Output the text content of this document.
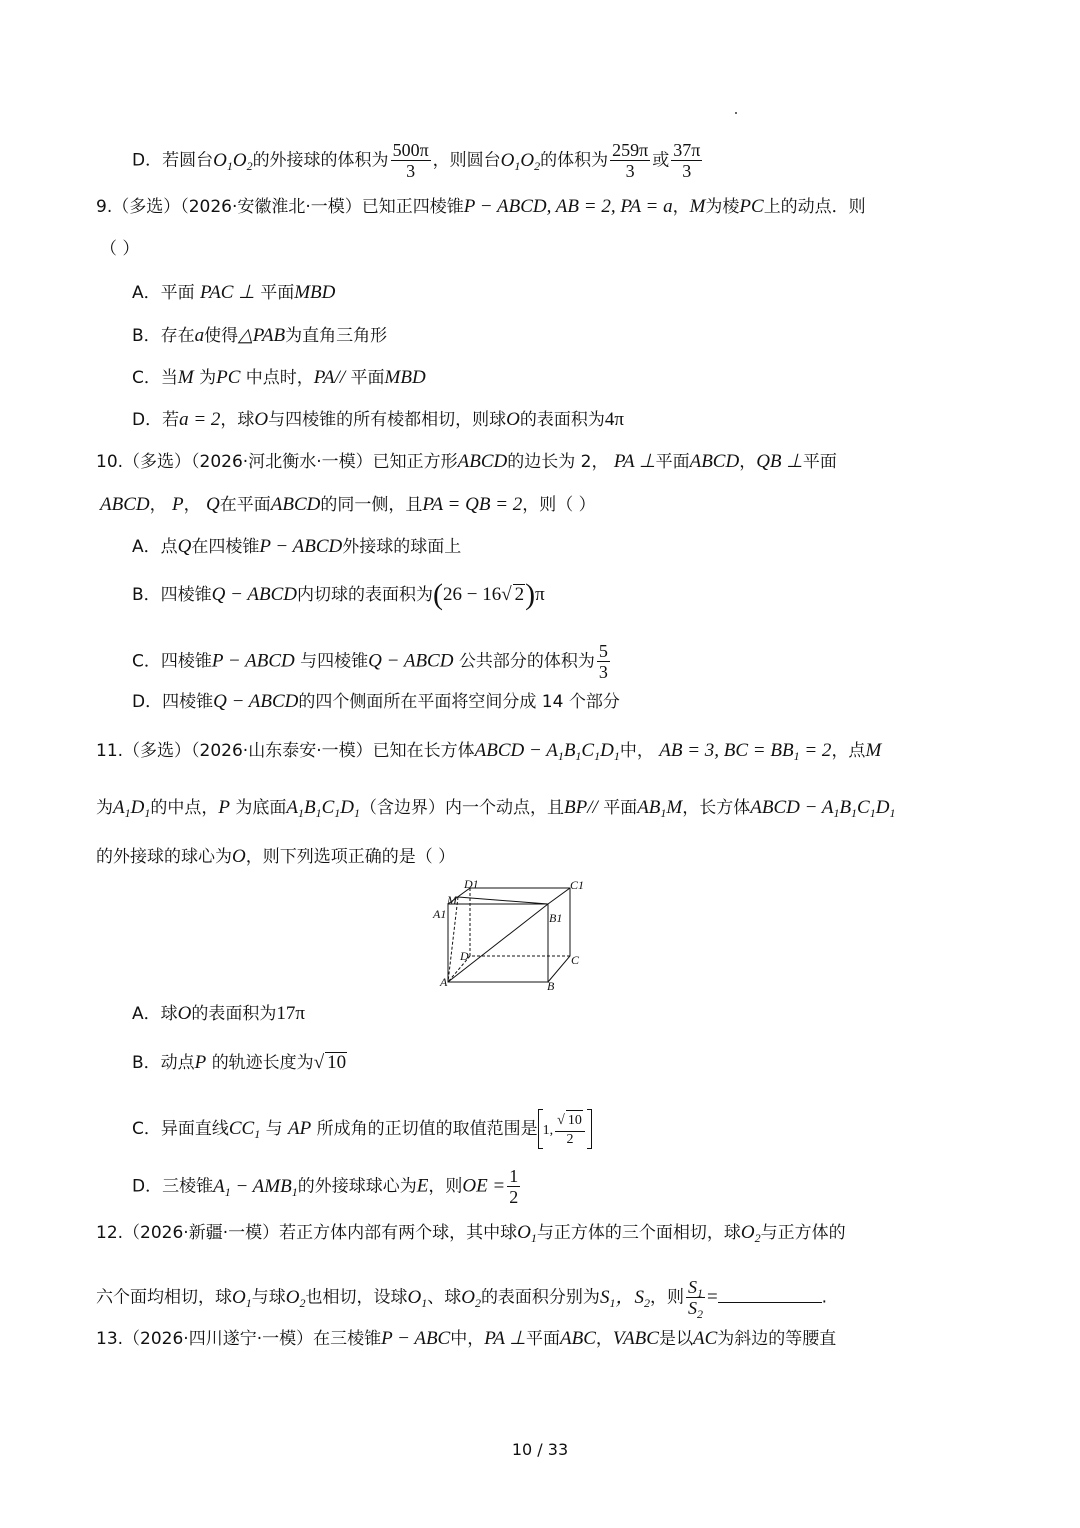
D．若圆台$O_1O_2$的外接球的体积为 $\frac{500\pi}{3}$ ，则圆台$O_1O_2$的体积为 $\frac{259\pi}{3}$ 或 $\frac{37\pi}{3}$
9.（多选）（2026·安徽淮北·一模）已知正四棱锥P − ABCD, AB = 2, PA = a，M为棱PC上的动点．则
（ ）
A．平面 PAC ⊥ 平面MBD
B．存在a使得△PAB为直角三角形
C．当M 为PC 中点时，PA// 平面MBD
D．若a = 2，球O与四棱锥的所有棱都相切，则球O的表面积为4π
10.（多选）（2026·河北衡水·一模）已知正方形ABCD的边长为 2， PA ⊥平面ABCD，QB ⊥平面
ABCD， P， Q在平面ABCD的同一侧，且PA = QB = 2，则（ ）
A．点Q在四棱锥P − ABCD外接球的球面上
B．四棱锥Q − ABCD内切球的表面积为(26 − 16√ 2)π
C．四棱锥P − ABCD 与四棱锥Q − ABCD 公共部分的体积为 $\frac{5}{3}$
D．四棱锥Q − ABCD的四个侧面所在平面将空间分成 14 个部分
11.（多选）（2026·山东泰安·一模）已知在长方体ABCD − $A_1B_1C_1D_1$中， AB = 3, BC = $BB_1 = 2$，点M
为$A_1D_1$的中点，P 为底面$A_1B_1C_1D_1$（含边界）内一个动点，且BP// 平面$AB_1M$，长方体ABCD − $A_1B_1C_1D_1$
的外接球的球心为O，则下列选项正确的是（ ）
D1	C1
M
A1	B1
D	C
A	B
A．球O的表面积为17π
B．动点P 的轨迹长度为√ 10
C．异面直线$CC_1$ 与 AP 所成角的正切值的取值范围是 1, $\frac{√ 10}{2}$
D．三棱锥$A_1 - AMB_1$的外接球球心为E，则OE = $\frac{1}{2}$
12.（2026·新疆·一模）若正方体内部有两个球，其中球$O_1$与正方体的三个面相切，球$O_2$与正方体的
六个面均相切，球$O_1$与球$O_2$也相切，设球$O_1$、球$O_2$的表面积分别为$S_1$，$S_2$，则 $\frac{S_1}{S_2}$ =	.
13.（2026·四川遂宁·一模）在三棱锥P − ABC中，PA ⊥平面ABC，VABC是以AC为斜边的等腰直
10 / 33
